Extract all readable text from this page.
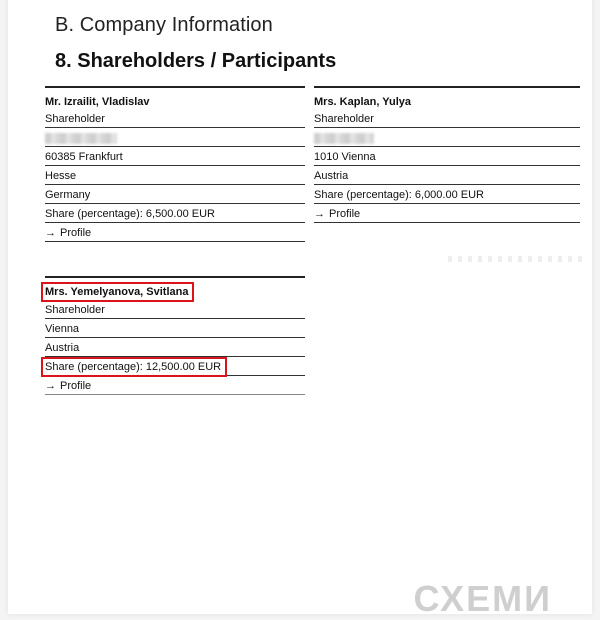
B. Company Information
8. Shareholders / Participants
Mr. Izrailit, Vladislav
Shareholder
60385 Frankfurt
Hesse
Germany
Share (percentage): 6,500.00 EUR
→ Profile
Mrs. Kaplan, Yulya
Shareholder
1010 Vienna
Austria
Share (percentage): 6,000.00 EUR
→ Profile
Mrs. Yemelyanova, Svitlana
Shareholder
Vienna
Austria
Share (percentage): 12,500.00 EUR
→ Profile
СХЕМИ
